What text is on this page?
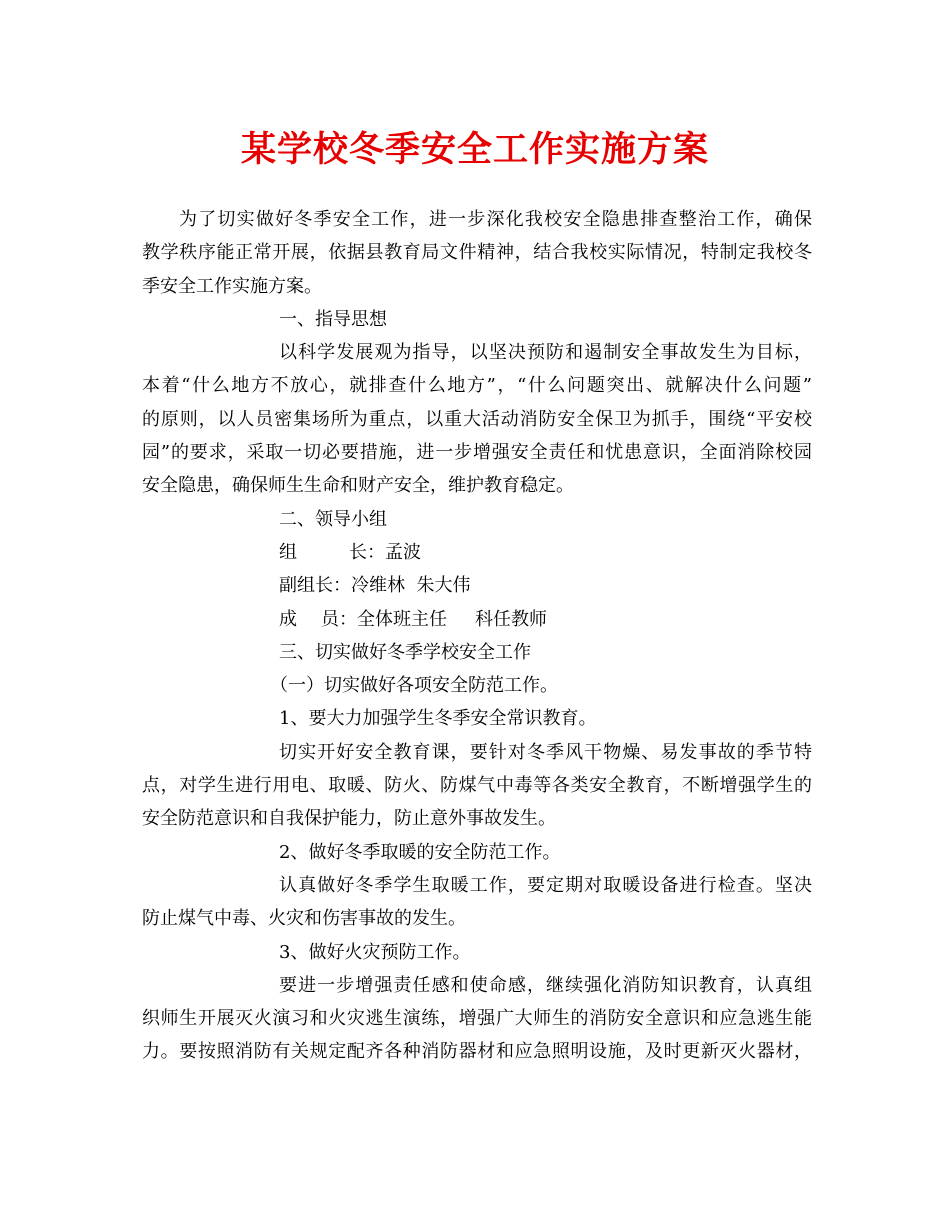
某学校冬季安全工作实施方案
为了切实做好冬季安全工作，进一步深化我校安全隐患排查整治工作，确保
教学秩序能正常开展，依据县教育局文件精神，结合我校实际情况，特制定我校冬
季安全工作实施方案。
一、指导思想
以科学发展观为指导，以坚决预防和遏制安全事故发生为目标，
本着“什么地方不放心，就排查什么地方”，“什么问题突出、就解决什么问题”
的原则，以人员密集场所为重点，以重大活动消防安全保卫为抓手，围绕“平安校
园”的要求，采取一切必要措施，进一步增强安全责任和忧患意识，全面消除校园
安全隐患，确保师生生命和财产安全，维护教育稳定。
二、领导小组
组	长：孟波
副组长：冷维林  朱大伟
成 员：全体班主任 科任教师
三、切实做好冬季学校安全工作
（一）切实做好各项安全防范工作。
1、要大力加强学生冬季安全常识教育。
切实开好安全教育课，要针对冬季风干物燥、易发事故的季节特
点，对学生进行用电、取暖、防火、防煤气中毒等各类安全教育，不断增强学生的
安全防范意识和自我保护能力，防止意外事故发生。
2、做好冬季取暖的安全防范工作。
认真做好冬季学生取暖工作，要定期对取暖设备进行检查。坚决
防止煤气中毒、火灾和伤害事故的发生。
3、做好火灾预防工作。
要进一步增强责任感和使命感，继续强化消防知识教育，认真组
织师生开展灭火演习和火灾逃生演练，增强广大师生的消防安全意识和应急逃生能
力。要按照消防有关规定配齐各种消防器材和应急照明设施，及时更新灭火器材，
